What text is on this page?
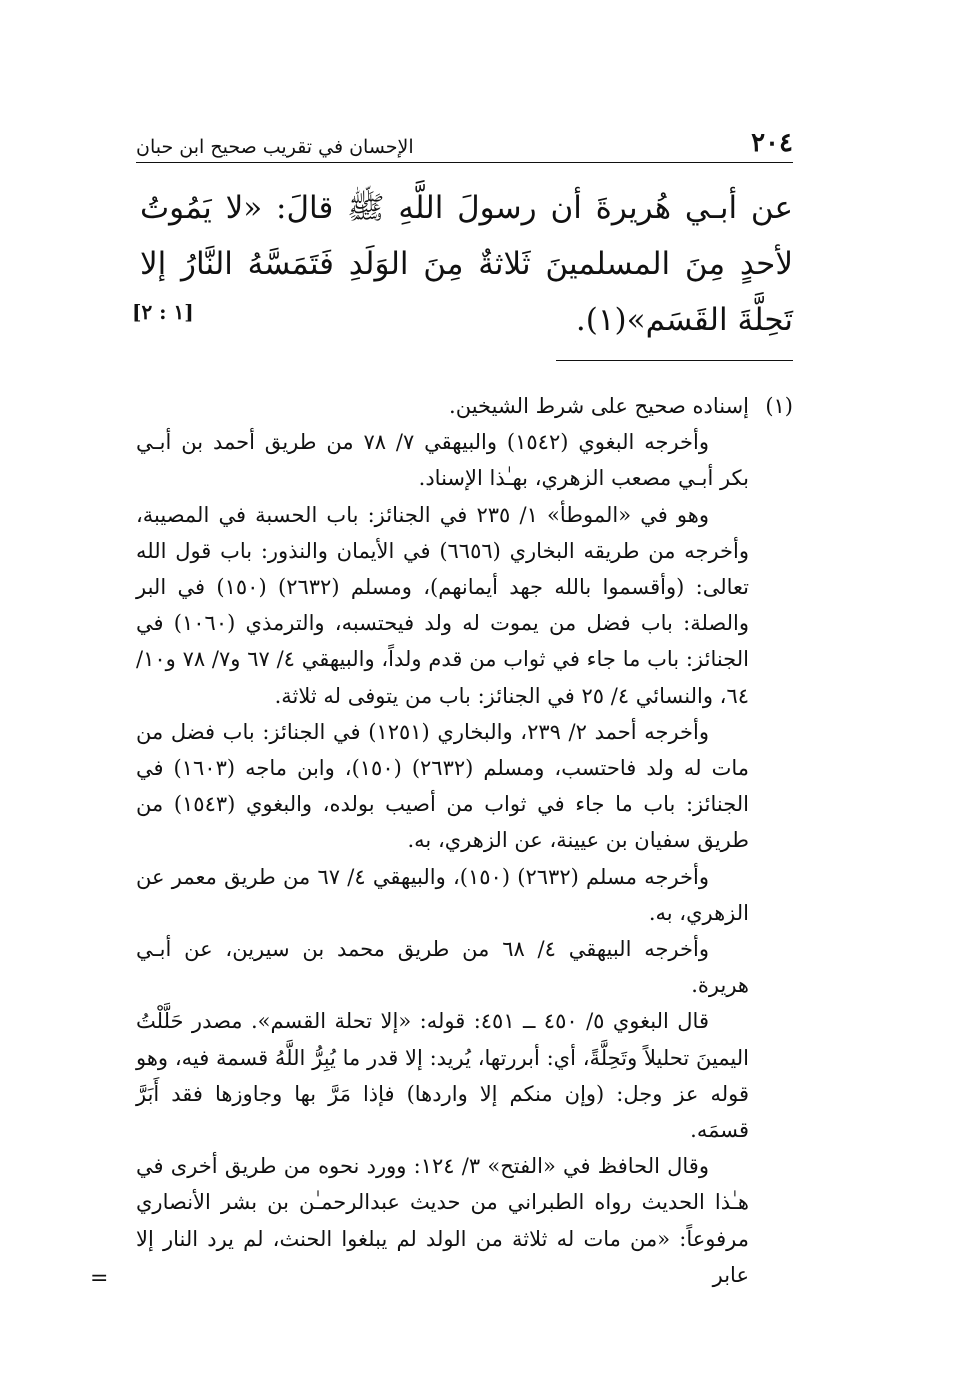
الإحسان في تقريب صحيح ابن حبان	٢٠٤
عن أبـي هُريرةَ أن رسولَ اللَّهِ ﷺ قالَ: «لا يَمُوتُ لأحدٍ مِنَ المسلمينَ ثَلاثةٌ مِنَ الوَلَدِ فَتَمَسَّهُ النَّارُ إلا تَحِلَّةَ القَسَم»(١).
[١ : ٢]
(١)
إسناده صحيح على شرط الشيخين.

وأخرجه البغوي (١٥٤٢) والبيهقي ٧/ ٧٨ من طريق أحمد بن أبـي بكر أبـي مصعب الزهري، بهـٰذا الإسناد.

وهو في «الموطأ» ١/ ٢٣٥ في الجنائز: باب الحسبة في المصيبة، وأخرجه من طريقه البخاري (٦٦٥٦) في الأيمان والنذور: باب قول الله تعالى: (وأقسموا بالله جهد أيمانهم)، ومسلم (٢٦٣٢) (١٥٠) في البر والصلة: باب فضل من يموت له ولد فيحتسبه، والترمذي (١٠٦٠) في الجنائز: باب ما جاء في ثواب من قدم ولداً، والبيهقي ٤/ ٦٧ و٧/ ٧٨ و١٠/ ٦٤، والنسائي ٤/ ٢٥ في الجنائز: باب من يتوفى له ثلاثة.

وأخرجه أحمد ٢/ ٢٣٩، والبخاري (١٢٥١) في الجنائز: باب فضل من مات له ولد فاحتسب، ومسلم (٢٦٣٢) (١٥٠)، وابن ماجه (١٦٠٣) في الجنائز: باب ما جاء في ثواب من أصيب بولده، والبغوي (١٥٤٣) من طريق سفيان بن عيينة، عن الزهري، به.

وأخرجه مسلم (٢٦٣٢) (١٥٠)، والبيهقي ٤/ ٦٧ من طريق معمر عن الزهري، به.

وأخرجه البيهقي ٤/ ٦٨ من طريق محمد بن سيرين، عن أبـي هريرة.

قال البغوي ٥/ ٤٥٠ ــ ٤٥١: قوله: «إلا تحلة القسم». مصدر حَلَّلْتُ اليمينَ تحليلاً وتَحِلَّةً، أي: أبررتها، يُريد: إلا قدر ما يُبِرُّ اللَّهُ قسمة فيه، وهو قوله عز وجل: (وإن منكم إلا واردها) فإذا مَرَّ بها وجاوزها فقد أَبَرَّ قسمَه.

وقال الحافظ في «الفتح» ٣/ ١٢٤: وورد نحوه من طريق أخرى في هـٰذا الحديث رواه الطبراني من حديث عبدالرحمـٰن بن بشر الأنصاري مرفوعاً: «من مات له ثلاثة من الولد لم يبلغوا الحنث، لم يرد النار إلا عابر

=
